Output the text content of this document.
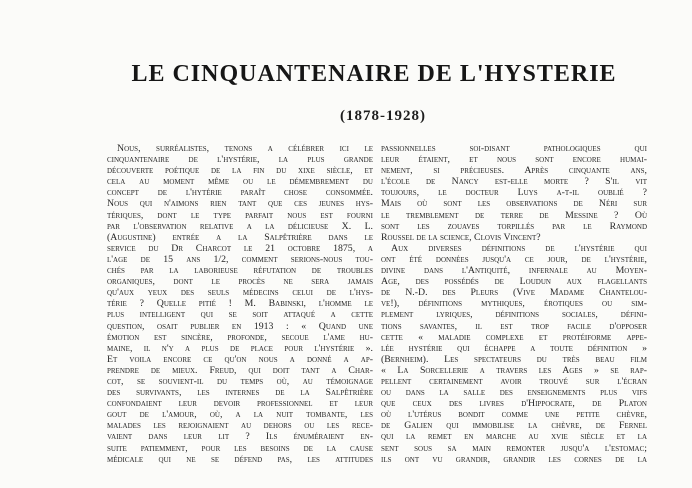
LE CINQUANTENAIRE DE L'HYSTERIE
(1878-1928)
Nous, surréalistes, tenons a célébrer ici le
cinquantenaire de l'hystérie, la plus grande
découverte poétique de la fin du xixe siècle, et
cela au moment même ou le démembrement du
concept de l'hytérie paraît chose consommée.
Nous qui n'aimons rien tant que ces jeunes hys-
tériques, dont le type parfait nous est fourni
par l'observation relative a la délicieuse X. L.
(Augustine) entrée a la Salpêtrière dans le
service du Dr Charcot le 21 octobre 1875, a
l'age de 15 ans 1/2, comment serions-nous tou-
chés par la laborieuse réfutation de troubles
organiques, dont le procès ne sera jamais
qu'aux yeux des seuls médecins celui de l'hys-
térie ? Quelle pitié ! M. Babinski, l'homme le
plus intelligent qui se soit attaqué a cette
question, osait publier en 1913 : « Quand une
émotion est sincère, profonde, secoue l'ame hu-
maine, il n'y a plus de place pour l'hystérie ».
Et voila encore ce qu'on nous a donné a ap-
prendre de mieux. Freud, qui doit tant a Char-
cot, se souvient-il du temps où, au témoignage
des survivants, les internes de la Salpêtrière
confondaient leur devoir professionnel et leur
gout de l'amour, où, a la nuit tombante, les
malades les rejoignaient au dehors ou les rece-
vaient dans leur lit ? Ils énuméraient en-
suite patiemment, pour les besoins de la cause
médicale qui ne se défend pas, les attitudes
passionnelles soi-disant pathologiques qui
leur étaient, et nous sont encore humai-
nement, si précieuses. Après cinquante ans,
l'école de Nancy est-elle morte ? S'il vit
toujours, le docteur Luys a-t-il oublié ?
Mais où sont les observations de Néri sur
le tremblement de terre de Messine ? Où
sont les zouaves torpillés par le Raymond
Roussel de la science, Clovis Vincent?
Aux diverses définitions de l'hystérie qui
ont été données jusqu'a ce jour, de l'hystérie,
divine dans l'Antiquité, infernale au Moyen-
Age, des possédés de Loudun aux flagellants
de N.-D. des Pleurs (Vive Madame Chantelou-
ve!), définitions mythiques, érotiques ou sim-
plement lyriques, définitions sociales, défini-
tions savantes, il est trop facile d'opposer
cette « maladie complexe et protéiforme appe-
lée hystérie qui échappe a toute définition »
(Bernheim). Les spectateurs du très beau film
« La Sorcellerie a travers les Ages » se rap-
pellent certainement avoir trouvé sur l'écran
ou dans la salle des enseignements plus vifs
que ceux des livres d'Hippocrate, de Platon
où l'utérus bondit comme une petite chèvre,
de Galien qui immobilise la chèvre, de Fernel
qui la remet en marche au xvie siècle et la
sent sous sa main remonter jusqu'a l'estomac;
ils ont vu grandir, grandir les cornes de la
